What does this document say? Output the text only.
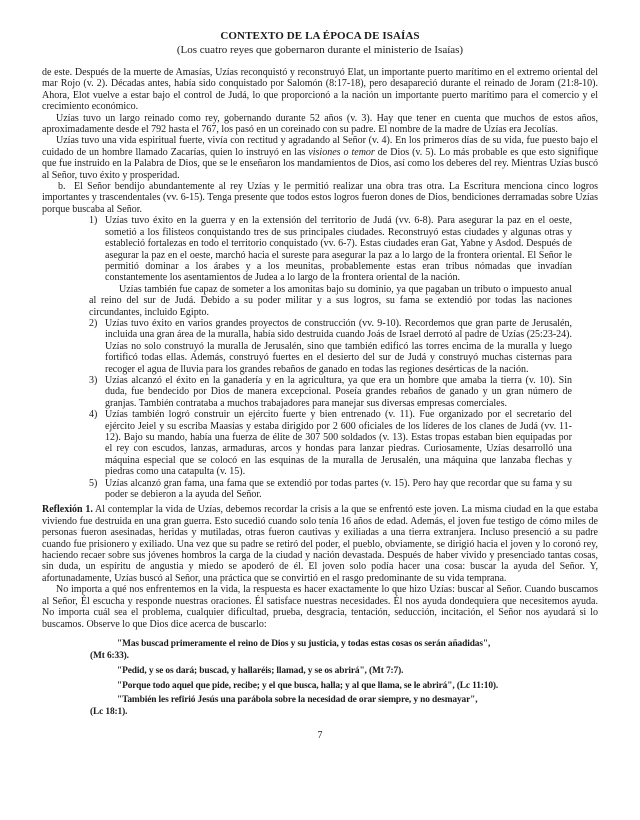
CONTEXTO DE LA ÉPOCA DE ISAÍAS
(Los cuatro reyes que gobernaron durante el ministerio de Isaías)

de este. Después de la muerte de Amasías, Uzías reconquistó y reconstruyó Elat, un importante puerto marítimo en el extremo oriental del mar Rojo (v. 2). Décadas antes, había sido conquistado por Salomón (8:17-18), pero desapareció durante el reinado de Joram (21:8-10). Ahora, Elot vuelve a estar bajo el control de Judá, lo que proporcionó a la nación un importante puerto marítimo para el comercio y el crecimiento económico.

Uzías tuvo un largo reinado como rey, gobernando durante 52 años (v. 3). Hay que tener en cuenta que muchos de estos años, aproximadamente desde el 792 hasta el 767, los pasó en un coreinado con su padre. El nombre de la madre de Uzías era Jecolías.

Uzías tuvo una vida espiritual fuerte, vivía con rectitud y agradando al Señor (v. 4). En los primeros días de su vida, fue puesto bajo el cuidado de un hombre llamado Zacarías, quien lo instruyó en las visiones o temor de Dios (v. 5). Lo más probable es que esto signifique que fue instruido en la Palabra de Dios, que se le enseñaron los mandamientos de Dios, así como los deberes del rey. Mientras Uzías buscó al Señor, tuvo éxito y prosperidad.

b. El Señor bendijo abundantemente al rey Uzías y le permitió realizar una obra tras otra. La Escritura menciona cinco logros importantes y trascendentales (vv. 6-15). Tenga presente que todos estos logros fueron dones de Dios, bendiciones derramadas sobre Uzías porque buscaba al Señor.

1) Uzías tuvo éxito en la guerra y en la extensión del territorio de Judá (vv. 6-8). Para asegurar la paz en el oeste, sometió a los filisteos conquistando tres de sus principales ciudades. Reconstruyó estas ciudades y algunas otras y estableció fortalezas en todo el territorio conquistado (vv. 6-7). Estas ciudades eran Gat, Yabne y Asdod. Después de asegurar la paz en el oeste, marchó hacia el sureste para asegurar la paz a lo largo de la frontera oriental. El Señor le permitió dominar a los árabes y a los meunitas, probablemente estas eran tribus nómadas que invadían constantemente los asentamientos de Judea a lo largo de la frontera oriental de la nación.

Uzías también fue capaz de someter a los amonitas bajo su dominio, ya que pagaban un tributo o impuesto anual al reino del sur de Judá. Debido a su poder militar y a sus logros, su fama se extendió por todas las naciones circundantes, incluido Egipto.

2) Uzías tuvo éxito en varios grandes proyectos de construcción (vv. 9-10). Recordemos que gran parte de Jerusalén, incluida una gran área de la muralla, había sido destruida cuando Joás de Israel derrotó al padre de Uzías (25:23-24). Uzías no solo construyó la muralla de Jerusalén, sino que también edificó las torres encima de la muralla y luego fortificó todas ellas. Además, construyó fuertes en el desierto del sur de Judá y construyó muchas cisternas para recoger el agua de lluvia para los grandes rebaños de ganado en todas las regiones desérticas de la nación.

3) Uzías alcanzó el éxito en la ganadería y en la agricultura, ya que era un hombre que amaba la tierra (v. 10). Sin duda, fue bendecido por Dios de manera excepcional. Poseía grandes rebaños de ganado y un gran número de granjas. También contrataba a muchos trabajadores para manejar sus diversas empresas comerciales.

4) Uzías también logró construir un ejército fuerte y bien entrenado (v. 11). Fue organizado por el secretario del ejército Jeiel y su escriba Maasías y estaba dirigido por 2 600 oficiales de los líderes de los clanes de Judá (vv. 11-12). Bajo su mando, había una fuerza de élite de 307 500 soldados (v. 13). Estas tropas estaban bien equipadas por el rey con escudos, lanzas, armaduras, arcos y hondas para lanzar piedras. Curiosamente, Uzías desarrolló una máquina especial que se colocó en las esquinas de la muralla de Jerusalén, una máquina que lanzaba flechas y piedras como una catapulta (v. 15).

5) Uzías alcanzó gran fama, una fama que se extendió por todas partes (v. 15). Pero hay que recordar que su fama y su poder se debieron a la ayuda del Señor.

Reflexión 1. Al contemplar la vida de Uzías, debemos recordar la crisis a la que se enfrentó este joven. La misma ciudad en la que estaba viviendo fue destruida en una gran guerra. Esto sucedió cuando solo tenía 16 años de edad. Además, el joven fue testigo de cómo miles de personas fueron asesinadas, heridas y mutiladas, otras fueron cautivas y exiliadas a una tierra extranjera. Incluso presenció a su padre cuando fue prisionero y exiliado. Una vez que su padre se retiró del poder, el pueblo, obviamente, se dirigió hacia el joven y lo coronó rey, haciendo recaer sobre sus jóvenes hombros la carga de la ciudad y nación devastada. Después de haber vivido y presenciado tantas cosas, sin duda, un espíritu de angustia y miedo se apoderó de él. El joven solo podía hacer una cosa: buscar la ayuda del Señor. Y, afortunadamente, Uzías buscó al Señor, una práctica que se convirtió en el rasgo predominante de su vida temprana.

No importa a qué nos enfrentemos en la vida, la respuesta es hacer exactamente lo que hizo Uzías: buscar al Señor. Cuando buscamos al Señor, Él escucha y responde nuestras oraciones. Él satisface nuestras necesidades. Él nos ayuda dondequiera que necesitemos ayuda. No importa cuál sea el problema, cualquier dificultad, prueba, desgracia, tentación, seducción, incitación, el Señor nos ayudará si lo buscamos. Observe lo que Dios dice acerca de buscarlo:

"Mas buscad primeramente el reino de Dios y su justicia, y todas estas cosas os serán añadidas",
(Mt 6:33).
"Pedid, y se os dará; buscad, y hallaréis; llamad, y se os abrirá", (Mt 7:7).
"Porque todo aquel que pide, recibe; y el que busca, halla; y al que llama, se le abrirá", (Lc 11:10).
"También les refirió Jesús una parábola sobre la necesidad de orar siempre, y no desmayar",
(Lc 18:1).
7
